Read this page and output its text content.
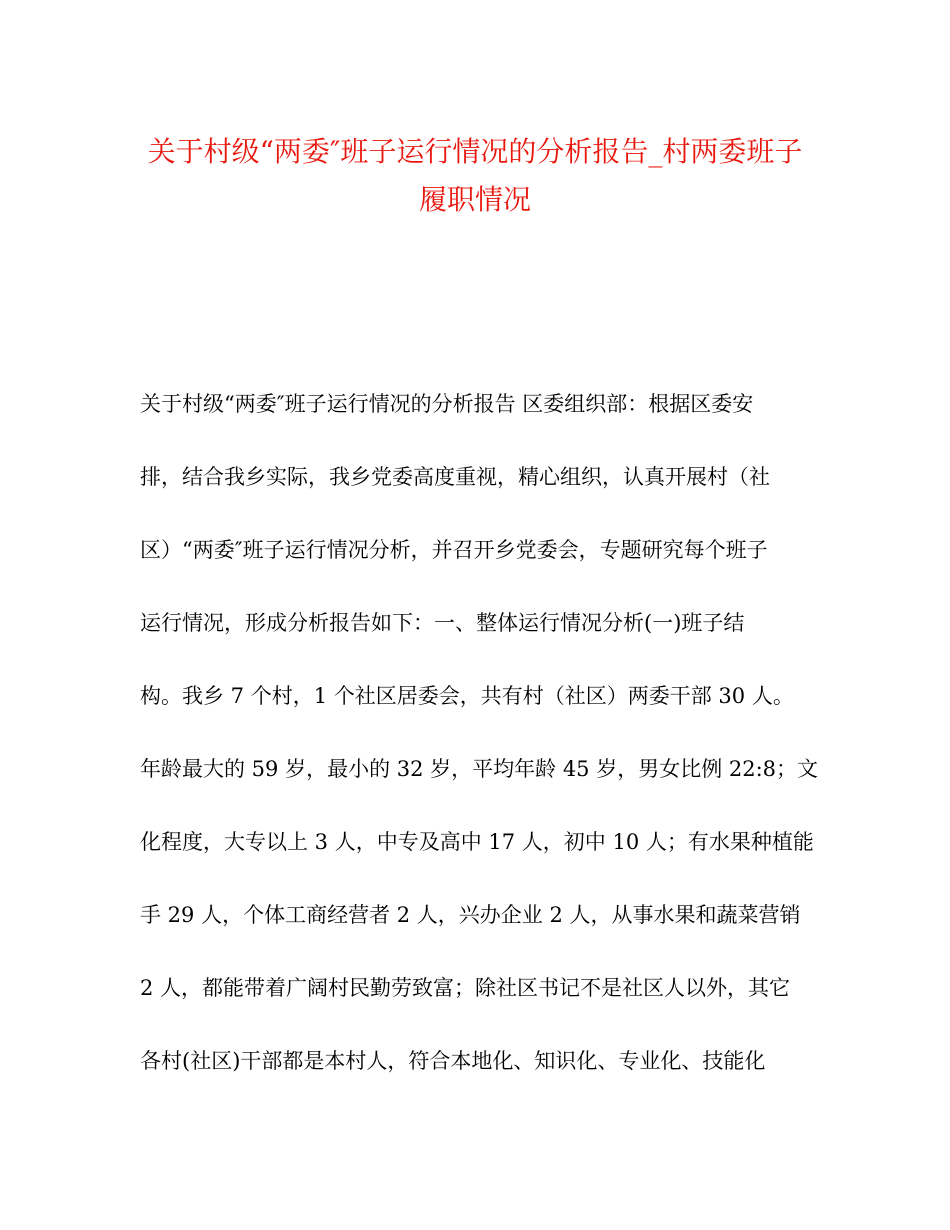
关于村级“两委″班子运行情况的分析报告_村两委班子
履职情况
关于村级“两委″班子运行情况的分析报告 区委组织部：根据区委安
排，结合我乡实际，我乡党委高度重视，精心组织，认真开展村（社
区）“两委″班子运行情况分析，并召开乡党委会，专题研究每个班子
运行情况，形成分析报告如下：一、整体运行情况分析(一)班子结
构。我乡 7 个村，1 个社区居委会，共有村（社区）两委干部 30 人。
年龄最大的 59 岁，最小的 32 岁，平均年龄 45 岁，男女比例 22:8；文
化程度，大专以上 3 人，中专及高中 17 人，初中 10 人；有水果种植能
手 29 人，个体工商经营者 2 人，兴办企业 2 人，从事水果和蔬菜营销
2 人，都能带着广阔村民勤劳致富；除社区书记不是社区人以外，其它
各村(社区)干部都是本村人，符合本地化、知识化、专业化、技能化
